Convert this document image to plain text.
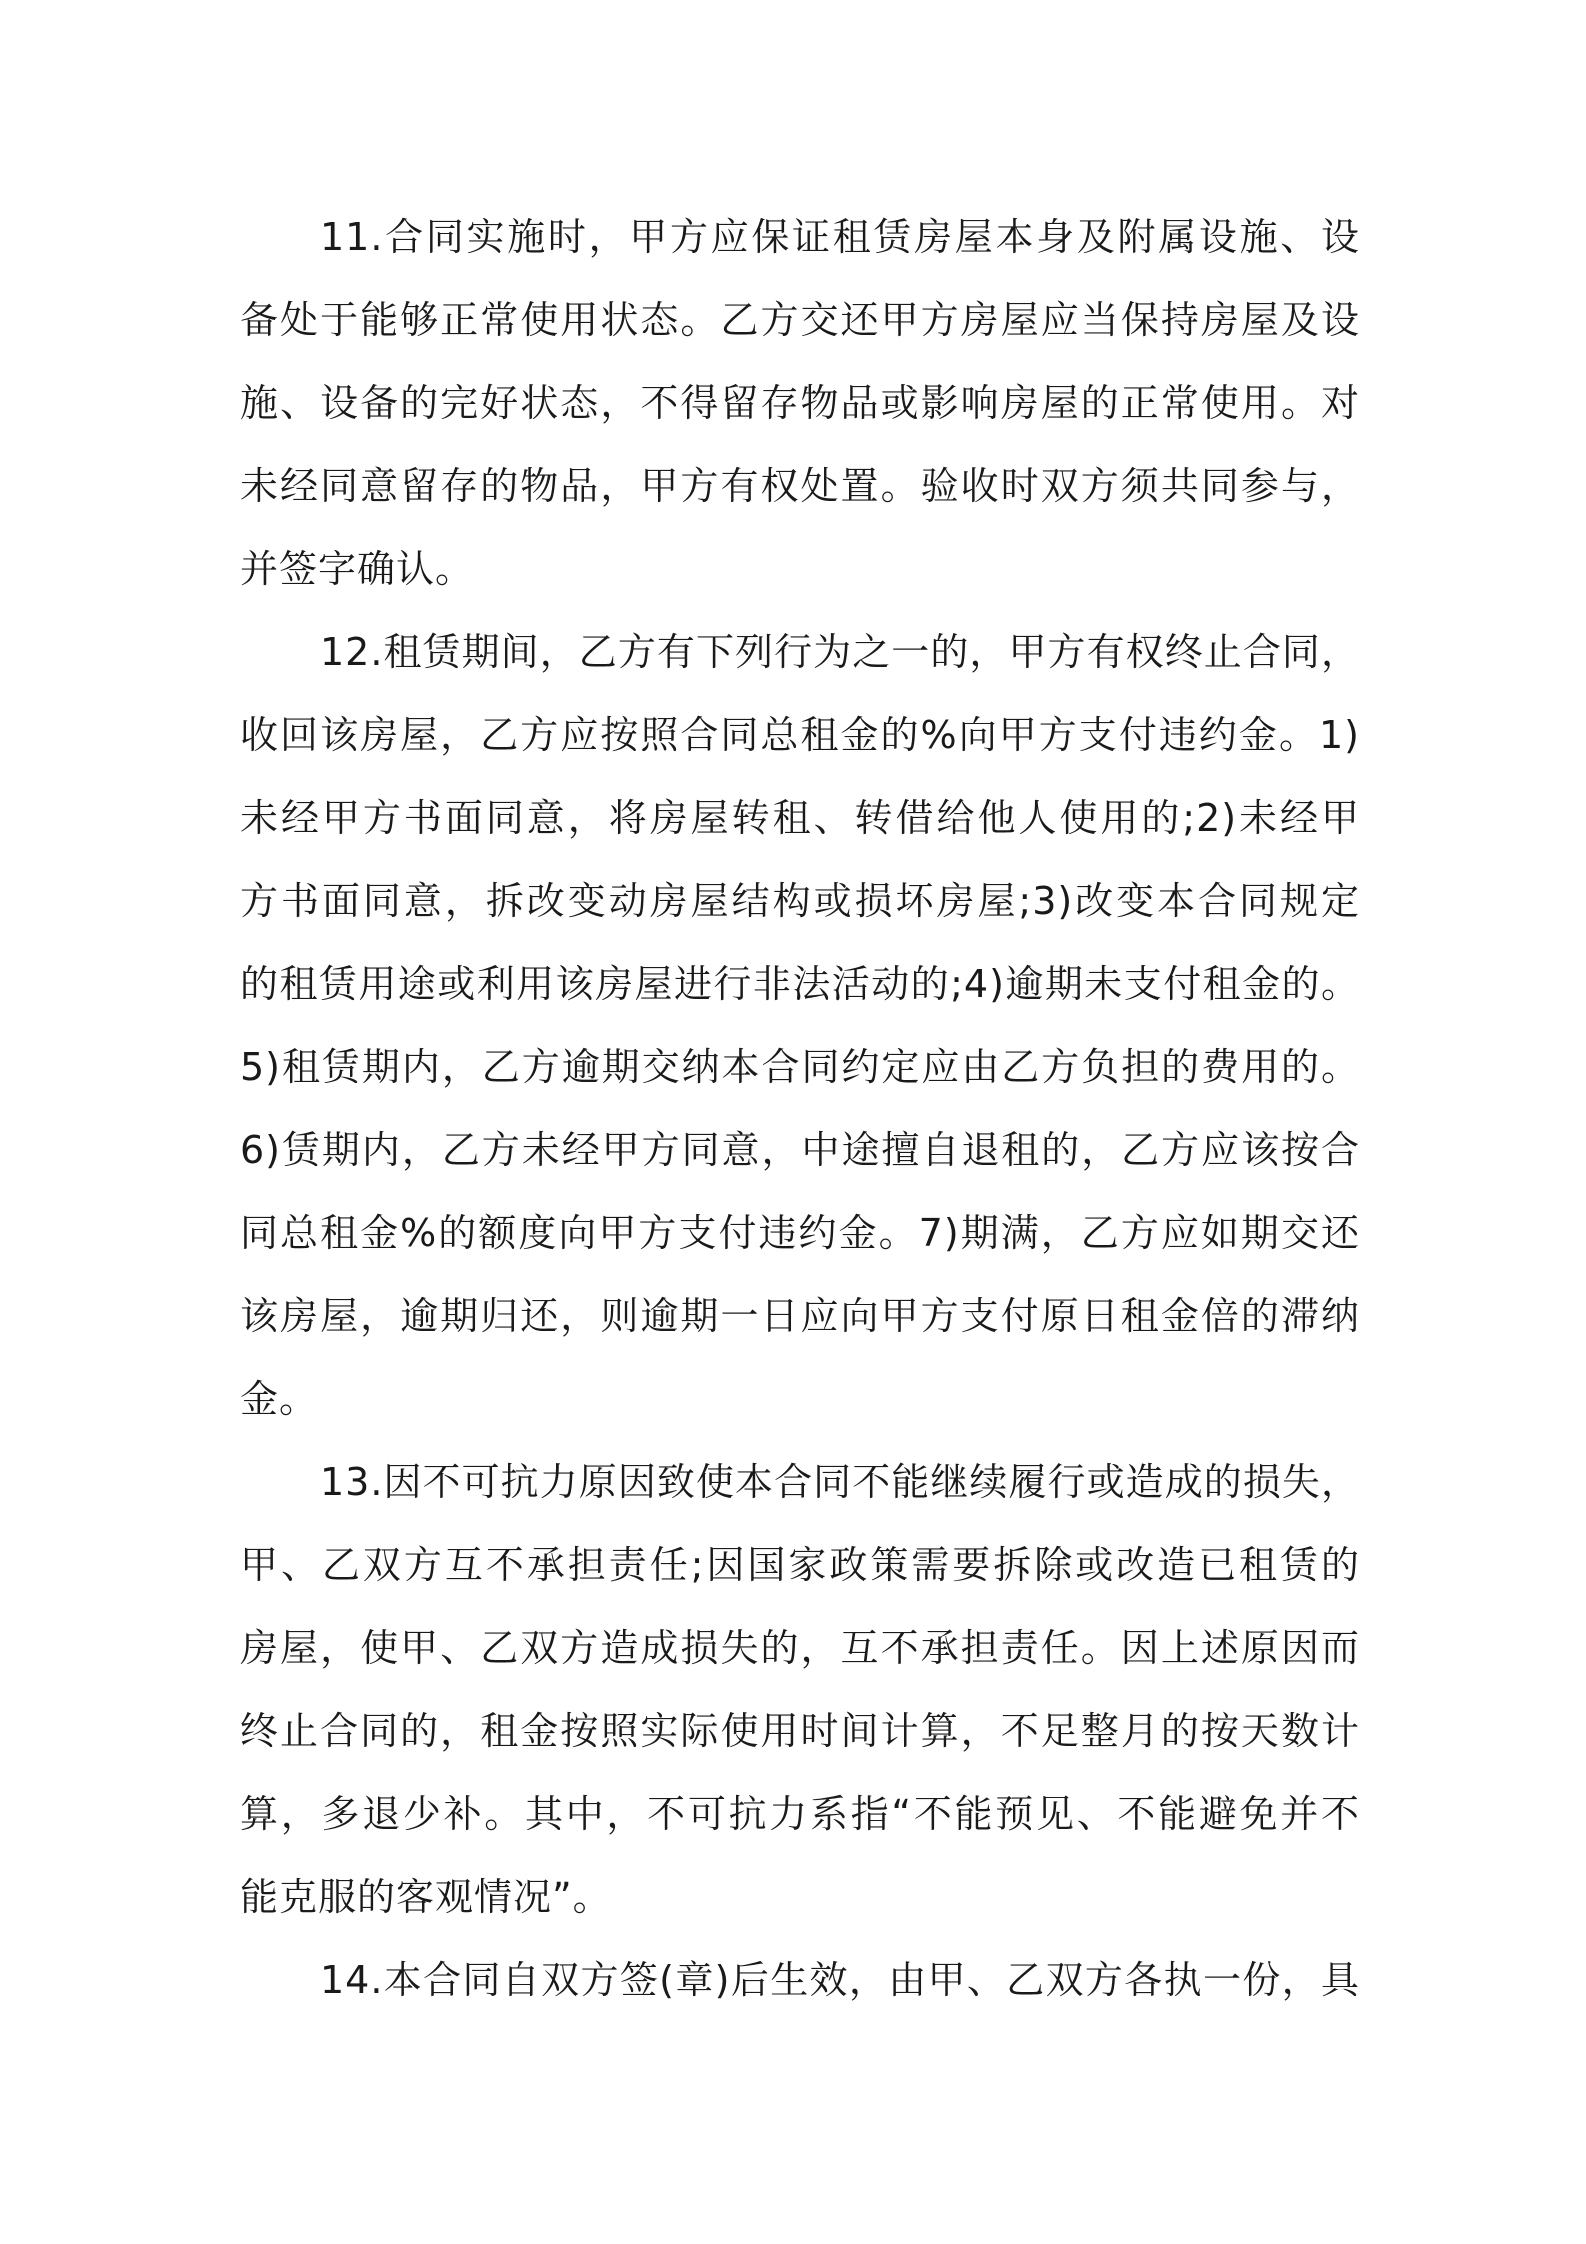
11.合同实施时，甲方应保证租赁房屋本身及附属设施、设
备处于能够正常使用状态。乙方交还甲方房屋应当保持房屋及设
施、设备的完好状态，不得留存物品或影响房屋的正常使用。对
未经同意留存的物品，甲方有权处置。验收时双方须共同参与，
并签字确认。
12.租赁期间，乙方有下列行为之一的，甲方有权终止合同，
收回该房屋，乙方应按照合同总租金的%向甲方支付违约金。1)
未经甲方书面同意，将房屋转租、转借给他人使用的;2)未经甲
方书面同意，拆改变动房屋结构或损坏房屋;3)改变本合同规定
的租赁用途或利用该房屋进行非法活动的;4)逾期未支付租金的。
5)租赁期内，乙方逾期交纳本合同约定应由乙方负担的费用的。
6)赁期内，乙方未经甲方同意，中途擅自退租的，乙方应该按合
同总租金%的额度向甲方支付违约金。7)期满，乙方应如期交还
该房屋，逾期归还，则逾期一日应向甲方支付原日租金倍的滞纳
金。
13.因不可抗力原因致使本合同不能继续履行或造成的损失，
甲、乙双方互不承担责任;因国家政策需要拆除或改造已租赁的
房屋，使甲、乙双方造成损失的，互不承担责任。因上述原因而
终止合同的，租金按照实际使用时间计算，不足整月的按天数计
算，多退少补。其中，不可抗力系指“不能预见、不能避免并不
能克服的客观情况”。
14.本合同自双方签(章)后生效，由甲、乙双方各执一份，具
